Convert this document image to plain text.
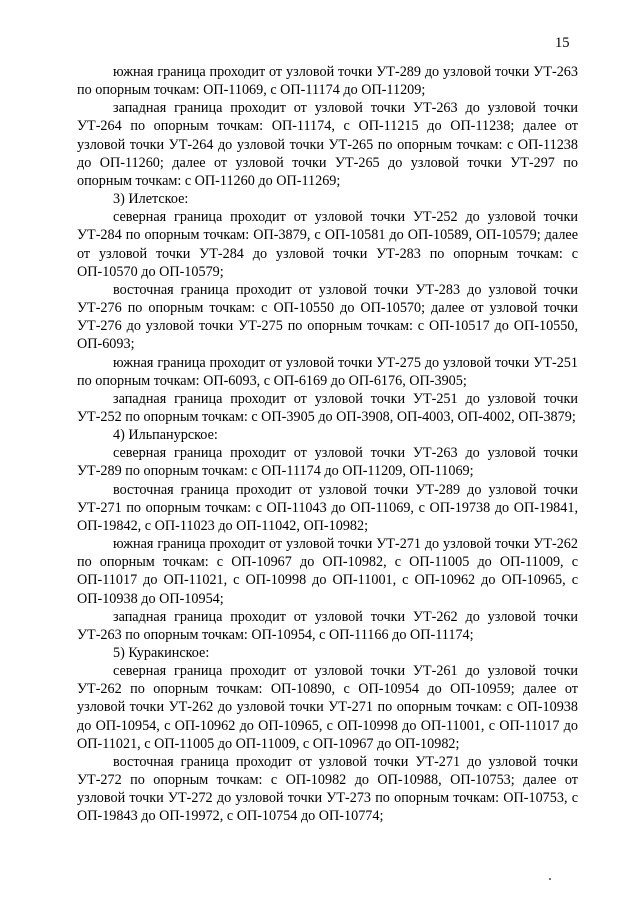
15

южная граница проходит от узловой точки УТ-289 до узловой точки УТ-263 по опорным точкам: ОП-11069, с ОП-11174 до ОП-11209;

западная граница проходит от узловой точки УТ-263 до узловой точки УТ-264 по опорным точкам: ОП-11174, с ОП-11215 до ОП-11238; далее от узловой точки УТ-264 до узловой точки УТ-265 по опорным точкам: с ОП-11238 до ОП-11260; далее от узловой точки УТ-265 до узловой точки УТ-297 по опорным точкам: с ОП-11260 до ОП-11269;

3) Илетское:

северная граница проходит от узловой точки УТ-252 до узловой точки УТ-284 по опорным точкам: ОП-3879, с ОП-10581 до ОП-10589, ОП-10579; далее от узловой точки УТ-284 до узловой точки УТ-283 по опорным точкам: с ОП-10570 до ОП-10579;

восточная граница проходит от узловой точки УТ-283 до узловой точки УТ-276 по опорным точкам: с ОП-10550 до ОП-10570; далее от узловой точки УТ-276 до узловой точки УТ-275 по опорным точкам: с ОП-10517 до ОП-10550, ОП-6093;

южная граница проходит от узловой точки УТ-275 до узловой точки УТ-251 по опорным точкам: ОП-6093, с ОП-6169 до ОП-6176, ОП-3905;

западная граница проходит от узловой точки УТ-251 до узловой точки УТ-252 по опорным точкам: с ОП-3905 до ОП-3908, ОП-4003, ОП-4002, ОП-3879;

4) Ильпанурское:

северная граница проходит от узловой точки УТ-263 до узловой точки УТ-289 по опорным точкам: с ОП-11174 до ОП-11209, ОП-11069;

восточная граница проходит от узловой точки УТ-289 до узловой точки УТ-271 по опорным точкам: с ОП-11043 до ОП-11069, с ОП-19738 до ОП-19841, ОП-19842, с ОП-11023 до ОП-11042, ОП-10982;

южная граница проходит от узловой точки УТ-271 до узловой точки УТ-262 по опорным точкам: с ОП-10967 до ОП-10982, с ОП-11005 до ОП-11009, с ОП-11017 до ОП-11021, с ОП-10998 до ОП-11001, с ОП-10962 до ОП-10965, с ОП-10938 до ОП-10954;

западная граница проходит от узловой точки УТ-262 до узловой точки УТ-263 по опорным точкам: ОП-10954, с ОП-11166 до ОП-11174;

5) Куракинское:

северная граница проходит от узловой точки УТ-261 до узловой точки УТ-262 по опорным точкам: ОП-10890, с ОП-10954 до ОП-10959; далее от узловой точки УТ-262 до узловой точки УТ-271 по опорным точкам: с ОП-10938 до ОП-10954, с ОП-10962 до ОП-10965, с ОП-10998 до ОП-11001, с ОП-11017 до ОП-11021, с ОП-11005 до ОП-11009, с ОП-10967 до ОП-10982;

восточная граница проходит от узловой точки УТ-271 до узловой точки УТ-272 по опорным точкам: с ОП-10982 до ОП-10988, ОП-10753; далее от узловой точки УТ-272 до узловой точки УТ-273 по опорным точкам: ОП-10753, с ОП-19843 до ОП-19972, с ОП-10754 до ОП-10774;
